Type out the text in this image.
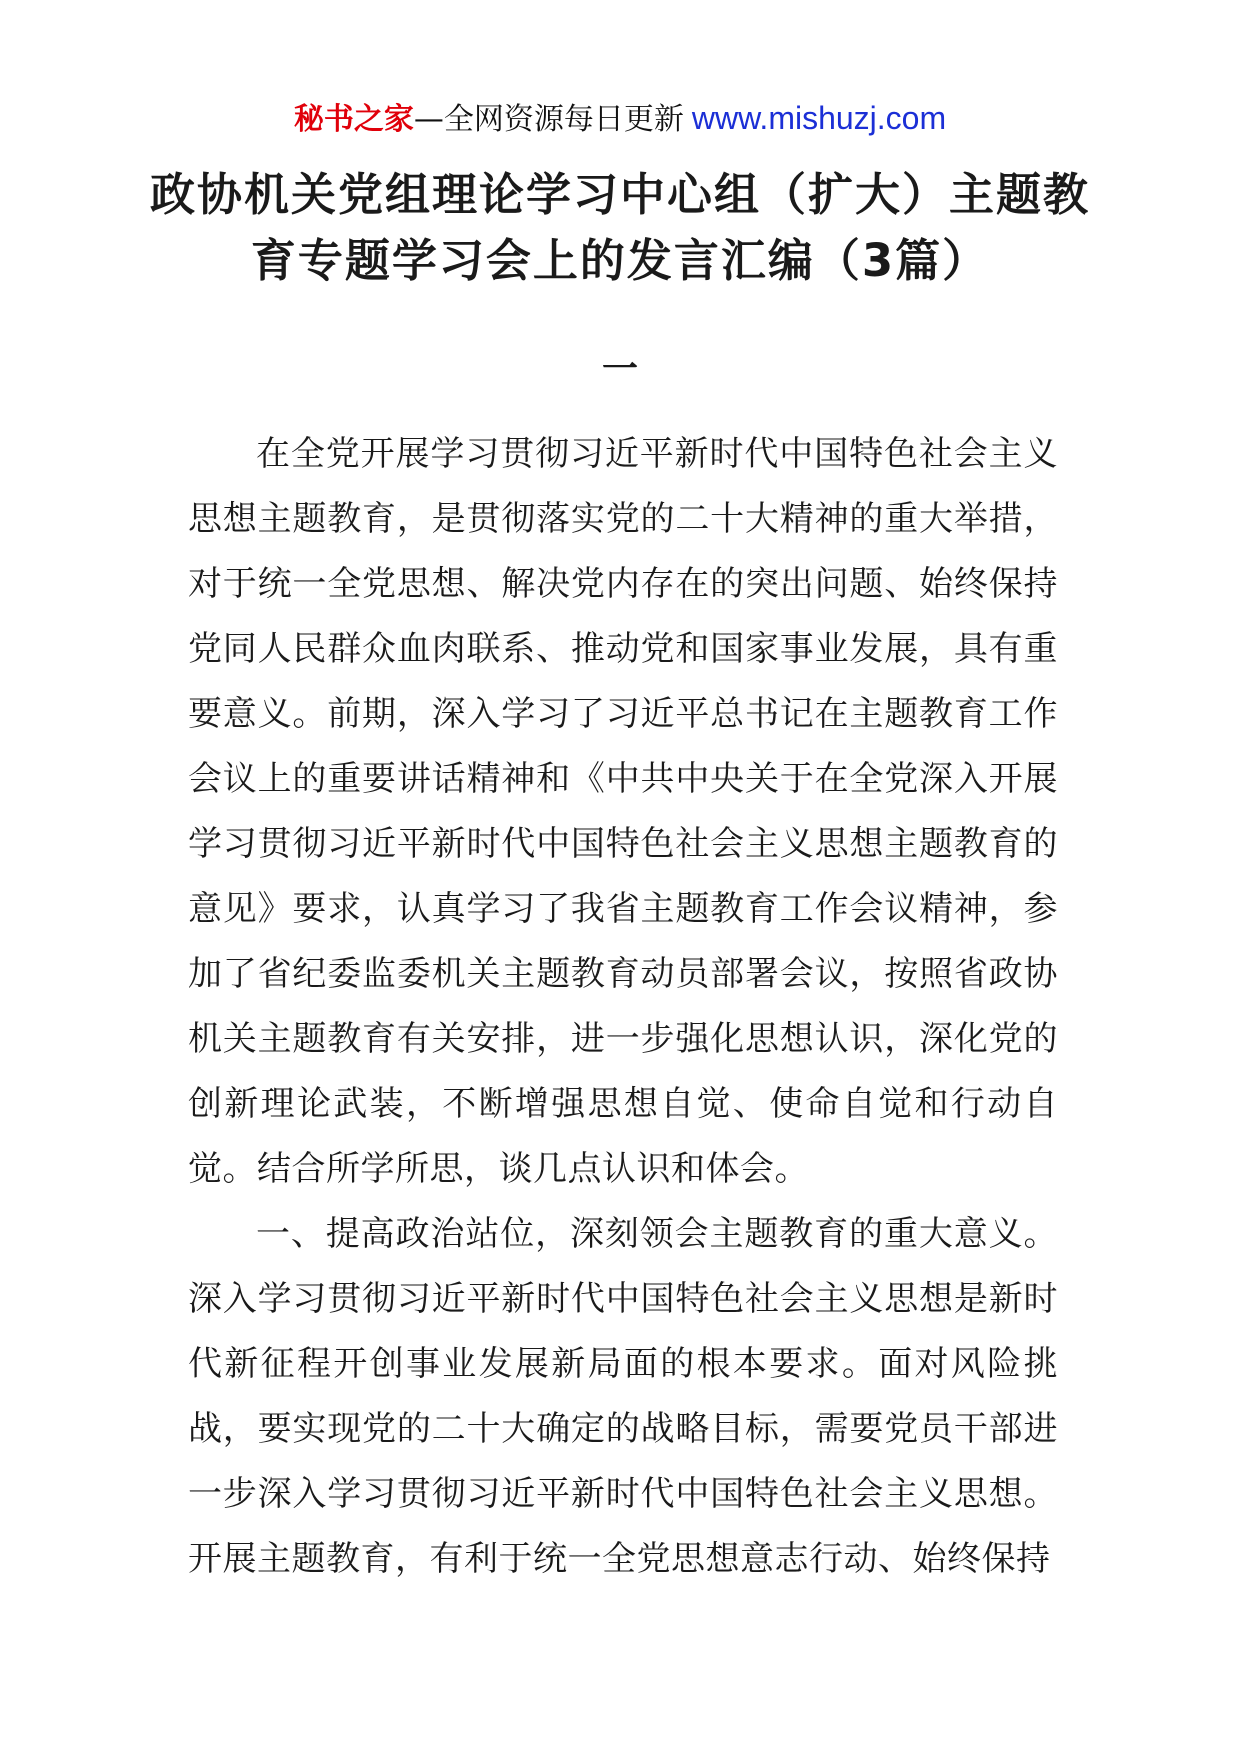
秘书之家—全网资源每日更新 www.mishuzj.com
政协机关党组理论学习中心组（扩大）主题教育专题学习会上的发言汇编（3篇）
一

在全党开展学习贯彻习近平新时代中国特色社会主义思想主题教育，是贯彻落实党的二十大精神的重大举措，对于统一全党思想、解决党内存在的突出问题、始终保持党同人民群众血肉联系、推动党和国家事业发展，具有重要意义。前期，深入学习了习近平总书记在主题教育工作会议上的重要讲话精神和《中共中央关于在全党深入开展学习贯彻习近平新时代中国特色社会主义思想主题教育的意见》要求，认真学习了我省主题教育工作会议精神，参加了省纪委监委机关主题教育动员部署会议，按照省政协机关主题教育有关安排，进一步强化思想认识，深化党的创新理论武装，不断增强思想自觉、使命自觉和行动自觉。结合所学所思，谈几点认识和体会。

一、提高政治站位，深刻领会主题教育的重大意义。深入学习贯彻习近平新时代中国特色社会主义思想是新时代新征程开创事业发展新局面的根本要求。面对风险挑战，要实现党的二十大确定的战略目标，需要党员干部进一步深入学习贯彻习近平新时代中国特色社会主义思想。开展主题教育，有利于统一全党思想意志行动、始终保持
